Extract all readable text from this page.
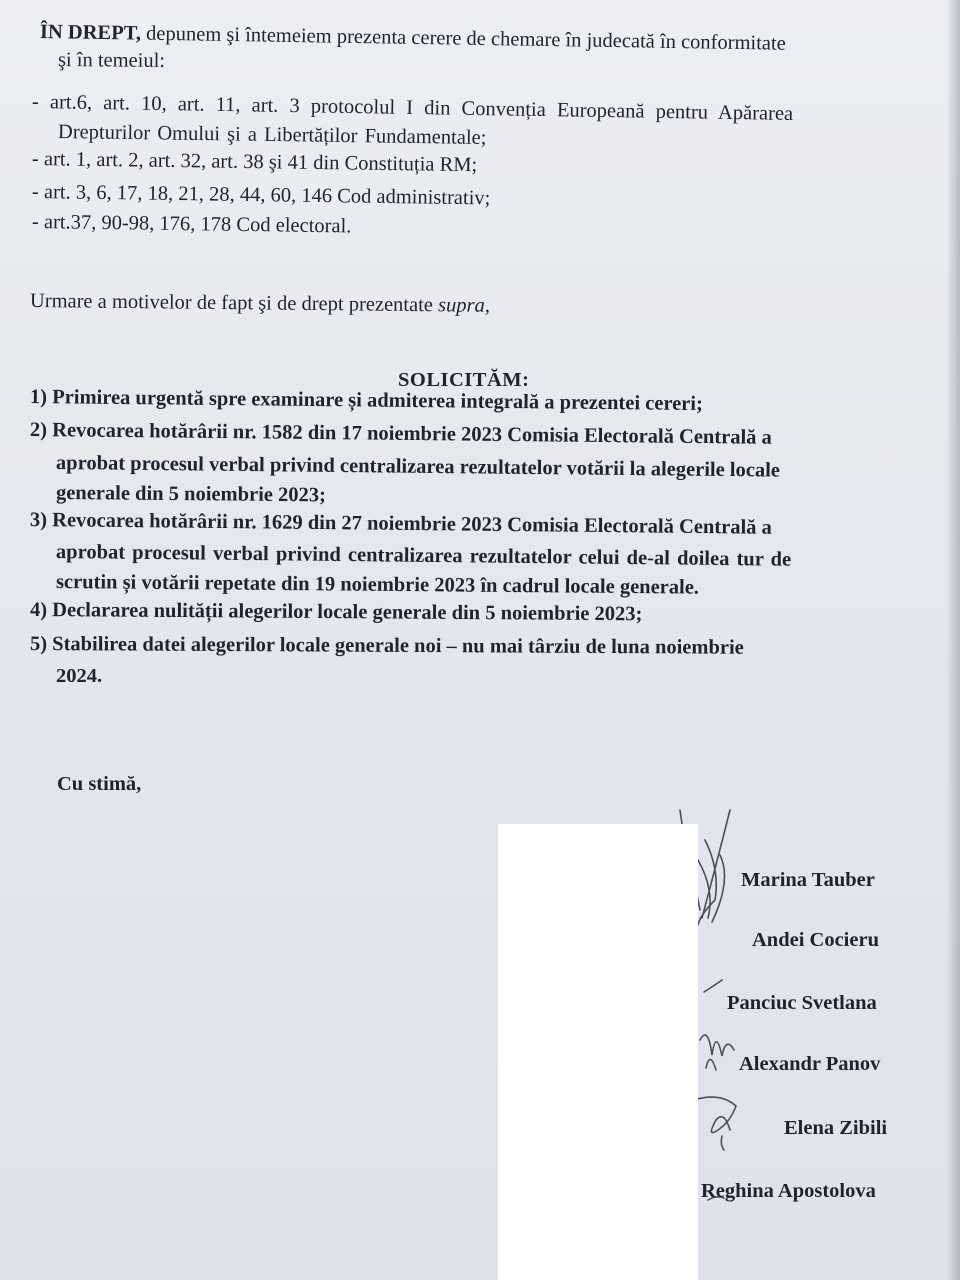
ÎN DREPT, depunem şi întemeiem prezenta cerere de chemare în judecată în conformitate
şi în temeiul:
- art.6, art. 10, art. 11, art. 3 protocolul I din Convenția Europeană pentru Apărarea
Drepturilor Omului şi a Libertăților Fundamentale;
- art. 1, art. 2, art. 32, art. 38 şi 41 din Constituția RM;
- art. 3, 6, 17, 18, 21, 28, 44, 60, 146 Cod administrativ;
- art.37, 90-98, 176, 178 Cod electoral.
Urmare a motivelor de fapt şi de drept prezentate supra,
SOLICITĂM:
1) Primirea urgentă spre examinare și admiterea integrală a prezentei cereri;
2) Revocarea hotărârii nr. 1582 din 17 noiembrie 2023 Comisia Electorală Centrală a
aprobat procesul verbal privind centralizarea rezultatelor votării la alegerile locale
generale din 5 noiembrie 2023;
3) Revocarea hotărârii nr. 1629 din 27 noiembrie 2023 Comisia Electorală Centrală a
aprobat procesul verbal privind centralizarea rezultatelor celui de-al doilea tur de
scrutin și votării repetate din 19 noiembrie 2023 în cadrul locale generale.
4) Declararea nulității alegerilor locale generale din 5 noiembrie 2023;
5) Stabilirea datei alegerilor locale generale noi – nu mai târziu de luna noiembrie
2024.
Cu stimă,
Marina Tauber
Andei Cocieru
Panciuc Svetlana
Alexandr Panov
Elena Zibili
Reghina Apostolova
